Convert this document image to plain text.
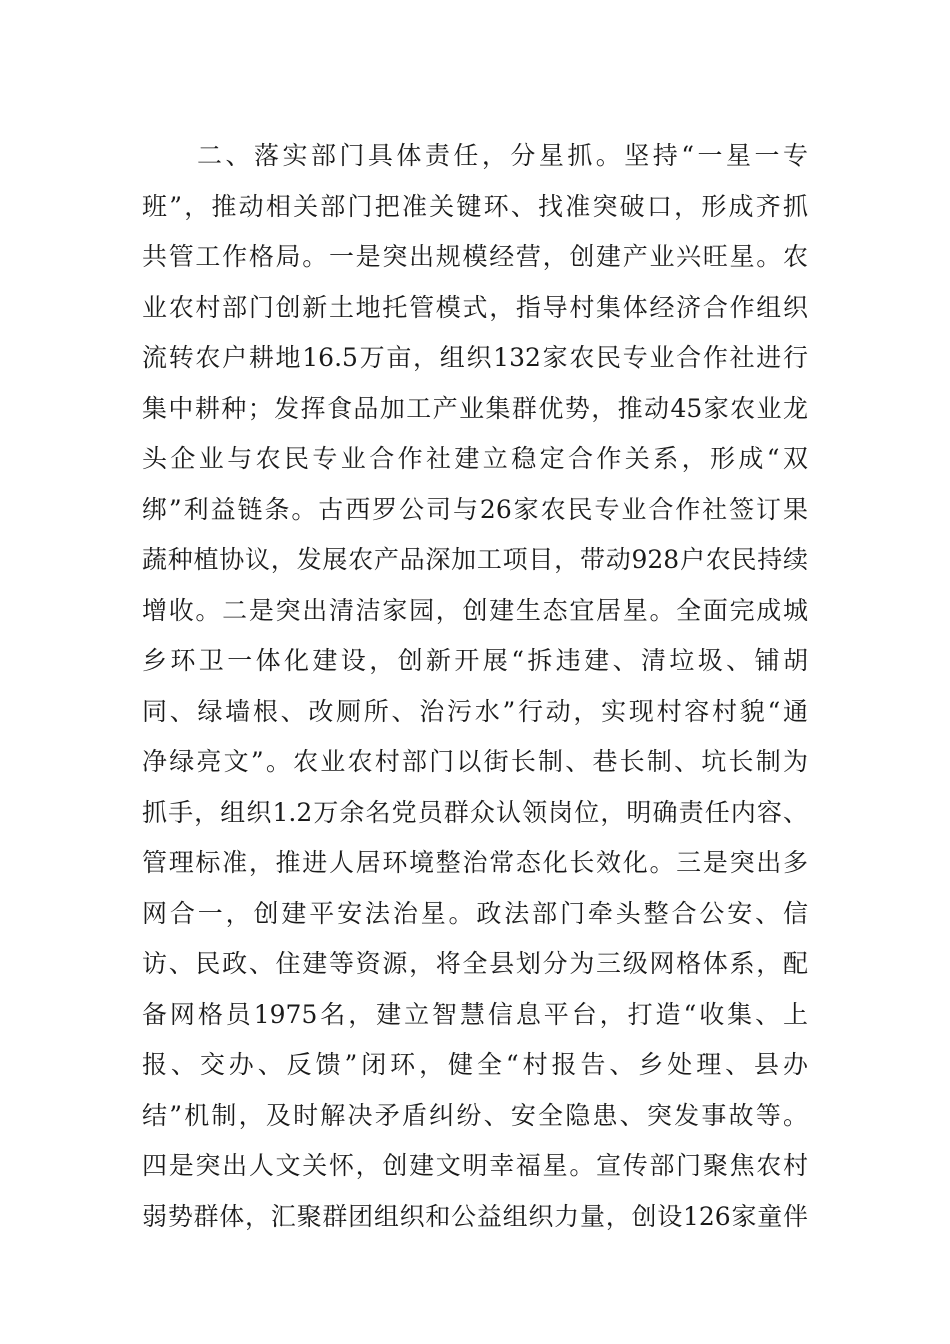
二、落实部门具体责任，分星抓。坚持“一星一专
班”，推动相关部门把准关键环、找准突破口，形成齐抓
共管工作格局。一是突出规模经营，创建产业兴旺星。农
业农村部门创新土地托管模式，指导村集体经济合作组织
流转农户耕地16.5万亩，组织132家农民专业合作社进行
集中耕种；发挥食品加工产业集群优势，推动45家农业龙
头企业与农民专业合作社建立稳定合作关系，形成“双
绑”利益链条。古西罗公司与26家农民专业合作社签订果
蔬种植协议，发展农产品深加工项目，带动928户农民持续
增收。二是突出清洁家园，创建生态宜居星。全面完成城
乡环卫一体化建设，创新开展“拆违建、清垃圾、铺胡
同、绿墙根、改厕所、治污水”行动，实现村容村貌“通
净绿亮文”。农业农村部门以街长制、巷长制、坑长制为
抓手，组织1.2万余名党员群众认领岗位，明确责任内容、
管理标准，推进人居环境整治常态化长效化。三是突出多
网合一，创建平安法治星。政法部门牵头整合公安、信
访、民政、住建等资源，将全县划分为三级网格体系，配
备网格员1975名，建立智慧信息平台，打造“收集、上
报、交办、反馈”闭环，健全“村报告、乡处理、县办
结”机制，及时解决矛盾纠纷、安全隐患、突发事故等。
四是突出人文关怀，创建文明幸福星。宣传部门聚焦农村
弱势群体，汇聚群团组织和公益组织力量，创设126家童伴
